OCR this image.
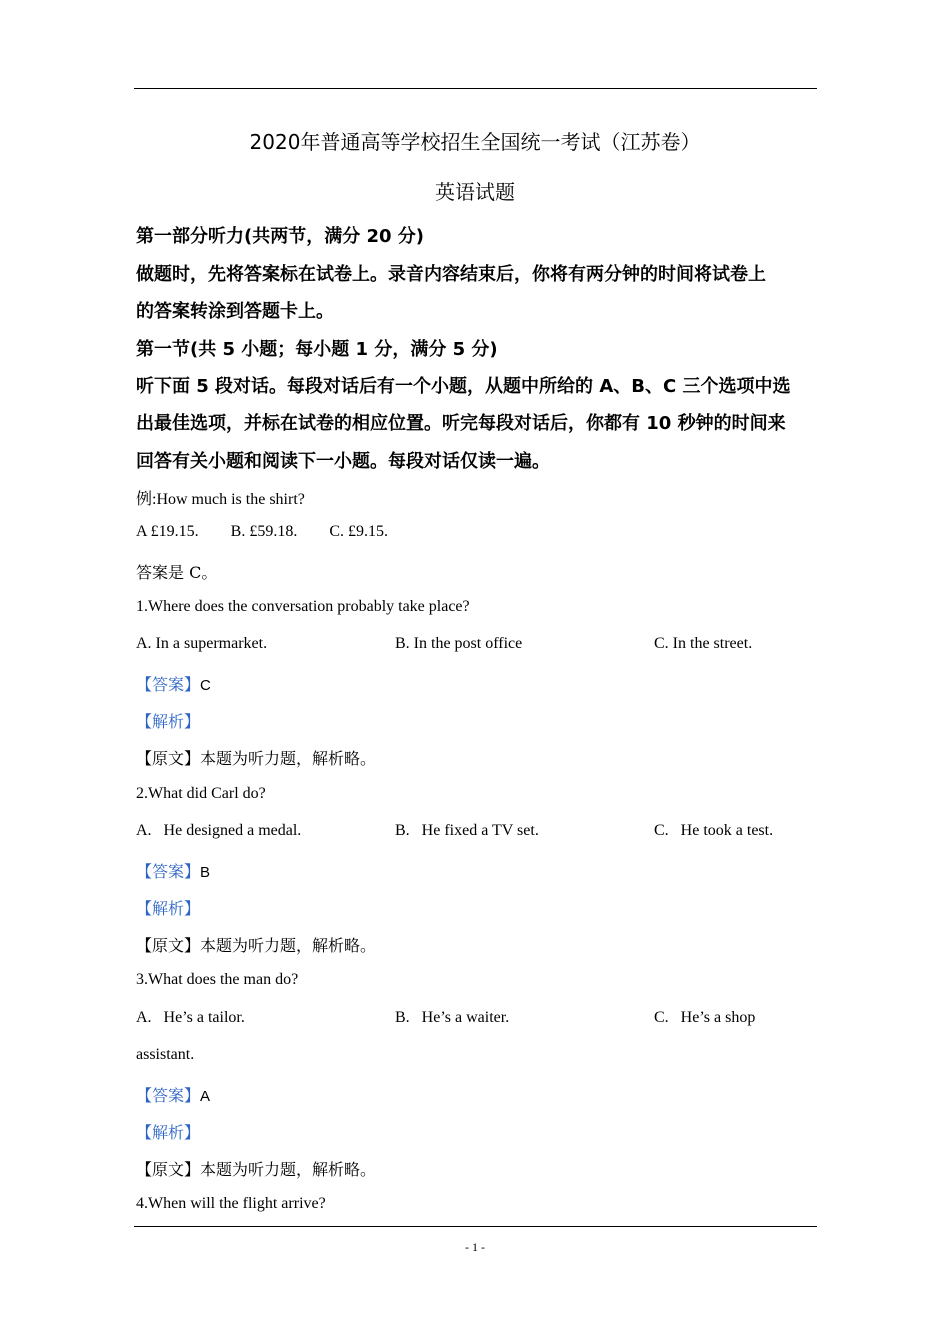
2020年普通高等学校招生全国统一考试（江苏卷）
英语试题
第一部分听力(共两节，满分 20 分)
做题时，先将答案标在试卷上。录音内容结束后，你将有两分钟的时间将试卷上
的答案转涂到答题卡上。
第一节(共 5 小题；每小题 1 分，满分 5 分)
听下面 5 段对话。每段对话后有一个小题，从题中所给的 A、B、C 三个选项中选
出最佳选项，并标在试卷的相应位置。听完每段对话后，你都有 10 秒钟的时间来
回答有关小题和阅读下一小题。每段对话仅读一遍。
例:How much is the shirt?
A £19.15.        B. £59.18.        C. £9.15.
答案是 C。
1.Where does the conversation probably take place?
A. In a supermarket.	B. In the post office	C. In the street.
【答案】C
【解析】
【原文】本题为听力题，解析略。
2.What did Carl do?
A.   He designed a medal.	B.   He fixed a TV set.	C.   He took a test.
【答案】B
【解析】
【原文】本题为听力题，解析略。
3.What does the man do?
A.   He’s a tailor.	B.   He’s a waiter.	C.   He’s a shop
assistant.
【答案】A
【解析】
【原文】本题为听力题，解析略。
4.When will the flight arrive?
- 1 -
